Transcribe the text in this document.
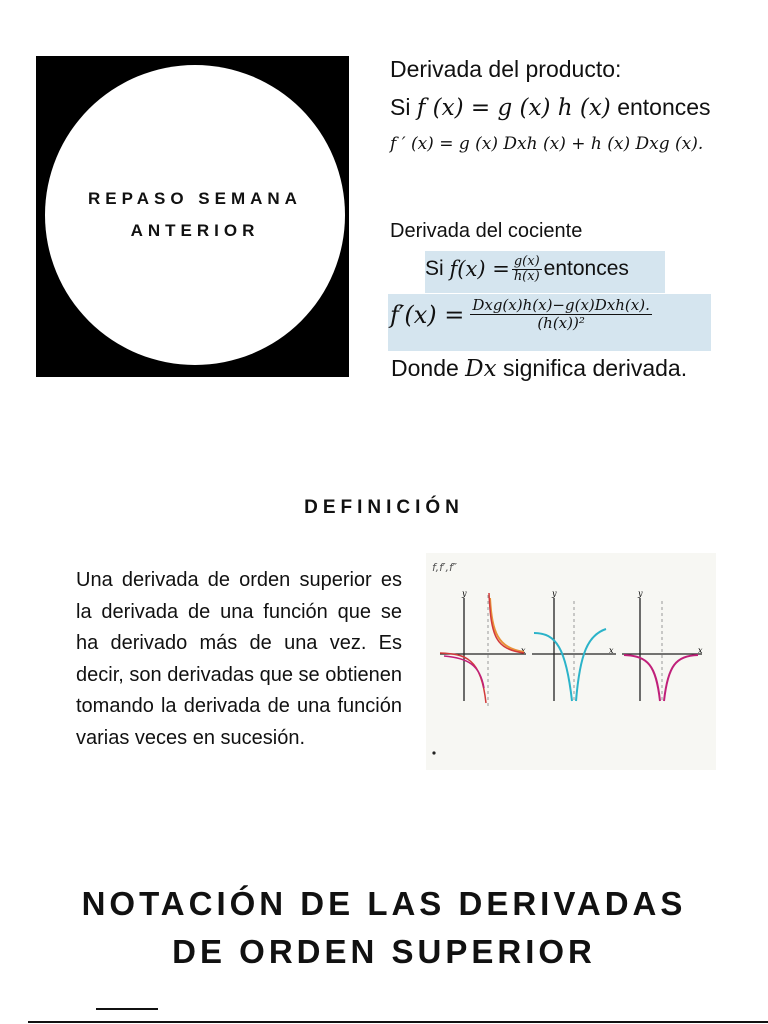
REPASO SEMANA
ANTERIOR
Derivada del producto:
Si f (x) = g (x) h (x) entonces
f ′ (x) = g (x) Dxh (x) + h (x) Dxg (x).
Derivada del cociente
Si
$f(x) = \frac{g(x)}{h(x)}$ entonces
$f'(x) = \frac{\text{Dxg(x)h(x)−g(x)Dxh(x).}}{\text{(h(x))²}}$
Donde Dx significa derivada.
DEFINICIÓN
Una derivada de orden superior es la derivada de una función que se ha derivado más de una vez. Es decir, son derivadas que se obtienen tomando la derivada de una función varias veces en sucesión.
f,f′,f″
y
x
y
x
y
x
NOTACIÓN DE LAS DERIVADAS
DE ORDEN SUPERIOR
